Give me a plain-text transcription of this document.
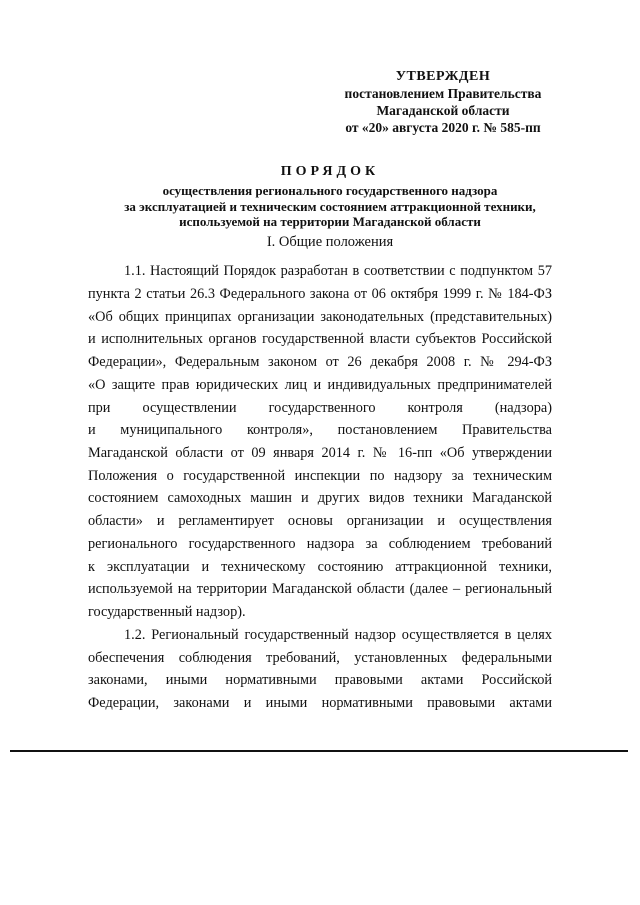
УТВЕРЖДЕН
постановлением Правительства
Магаданской области
от «20» августа 2020 г. № 585-пп
ПОРЯДОК
осуществления регионального государственного надзора
за эксплуатацией и техническим состоянием аттракционной техники,
используемой на территории Магаданской области
I. Общие положения
1.1. Настоящий Порядок разработан в соответствии с подпунктом 57
пункта 2 статьи 26.3 Федерального закона от 06 октября 1999 г. № 184-ФЗ
«Об общих принципах организации законодательных (представительных)
и исполнительных органов государственной власти субъектов Российской
Федерации», Федеральным законом от 26 декабря 2008 г. № 294-ФЗ
«О защите прав юридических лиц и индивидуальных предпринимателей
при осуществлении государственного контроля (надзора)
и муниципального контроля», постановлением Правительства
Магаданской области от 09 января 2014 г. № 16-пп «Об утверждении
Положения о государственной инспекции по надзору за техническим
состоянием самоходных машин и других видов техники Магаданской
области» и регламентирует основы организации и осуществления
регионального государственного надзора за соблюдением требований
к эксплуатации и техническому состоянию аттракционной техники,
используемой на территории Магаданской области (далее – региональный
государственный надзор).
1.2. Региональный государственный надзор осуществляется в целях
обеспечения соблюдения требований, установленных федеральными
законами, иными нормативными правовыми актами Российской
Федерации, законами и иными нормативными правовыми актами
